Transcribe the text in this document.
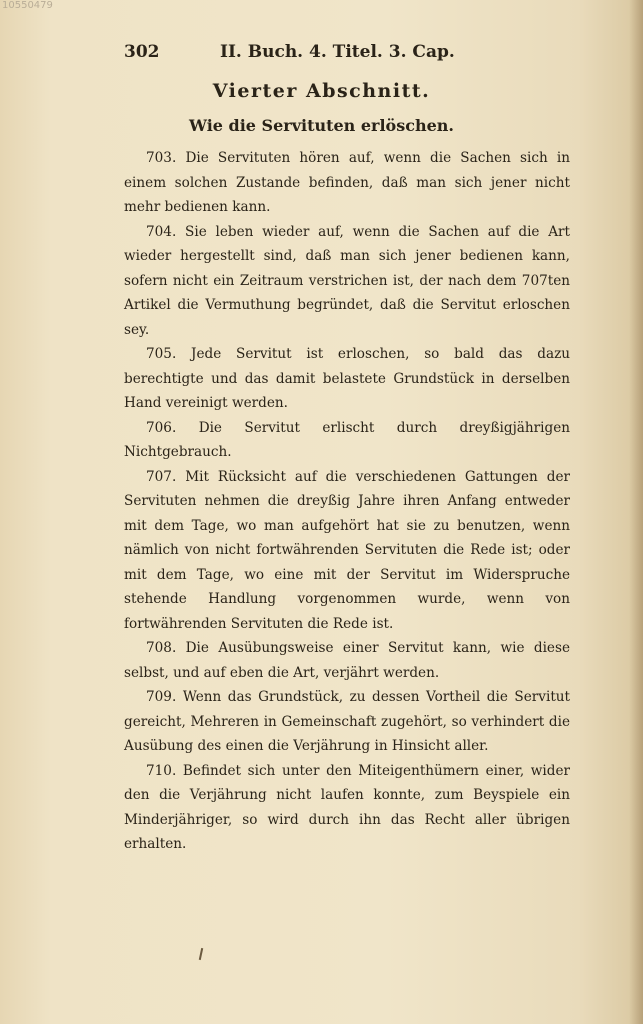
10550479
302	II. Buch. 4. Titel. 3. Cap.
Vierter Abschnitt.
Wie die Servituten erlöschen.

703. Die Servituten hören auf, wenn die Sachen sich in einem solchen Zustande befinden, daß man sich jener nicht mehr bedienen kann.

704. Sie leben wieder auf, wenn die Sachen auf die Art wieder hergestellt sind, daß man sich jener bedienen kann, sofern nicht ein Zeitraum verstrichen ist, der nach dem 707ten Artikel die Vermuthung begründet, daß die Servitut erloschen sey.

705. Jede Servitut ist erloschen, so bald das dazu berechtigte und das damit belastete Grundstück in derselben Hand vereinigt werden.

706. Die Servitut erlischt durch dreyßigjährigen Nichtgebrauch.

707. Mit Rücksicht auf die verschiedenen Gattungen der Servituten nehmen die dreyßig Jahre ihren Anfang entweder mit dem Tage, wo man aufgehört hat sie zu benutzen, wenn nämlich von nicht fortwährenden Servituten die Rede ist; oder mit dem Tage, wo eine mit der Servitut im Widerspruche stehende Handlung vorgenommen wurde, wenn von fortwährenden Servituten die Rede ist.

708. Die Ausübungsweise einer Servitut kann, wie diese selbst, und auf eben die Art, verjährt werden.

709. Wenn das Grundstück, zu dessen Vortheil die Servitut gereicht, Mehreren in Gemeinschaft zugehört, so verhindert die Ausübung des einen die Verjährung in Hinsicht aller.

710. Befindet sich unter den Miteigenthümern einer, wider den die Verjährung nicht laufen konnte, zum Beyspiele ein Minderjähriger, so wird durch ihn das Recht aller übrigen erhalten.
